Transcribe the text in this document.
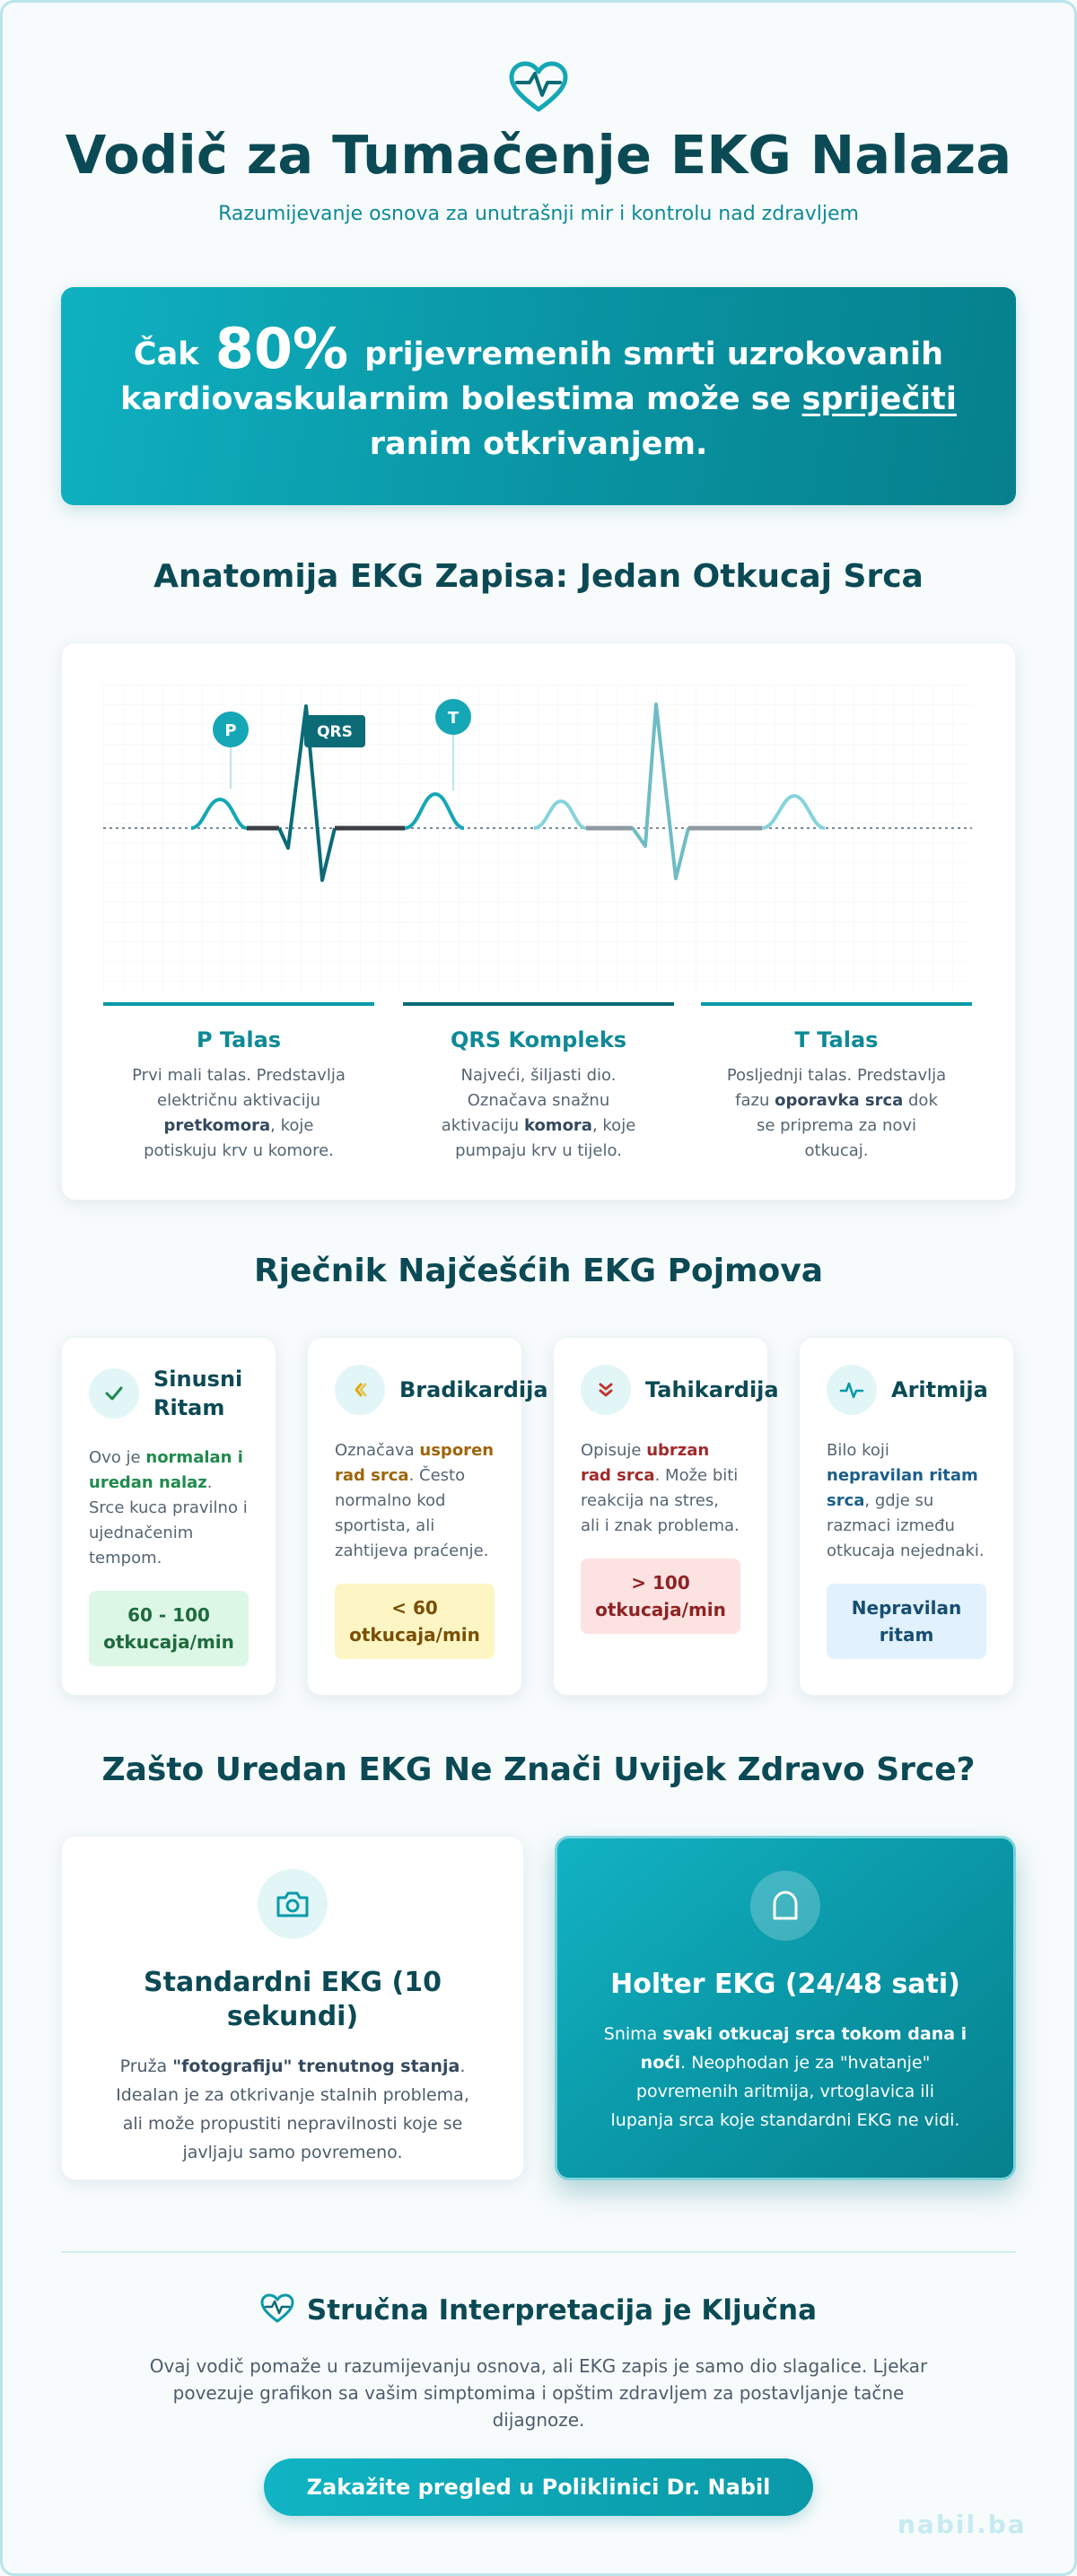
Vodič za Tumačenje EKG Nalaza
Razumijevanje osnova za unutrašnji mir i kontrolu nad zdravljem
Čak 80% prijevremenih smrti uzrokovanih kardiovaskularnim bolestima može se spriječiti ranim otkrivanjem.
Anatomija EKG Zapisa: Jedan Otkucaj Srca
P	QRS
T
P Talas

Prvi mali talas. Predstavlja električnu aktivaciju pretkomora, koje potiskuju krv u komore.

QRS Kompleks

Najveći, šiljasti dio. Označava snažnu aktivaciju komora, koje pumpaju krv u tijelo.

T Talas

Posljednji talas. Predstavlja fazu oporavka srca dok se priprema za novi otkucaj.

Rječnik Najčešćih EKG Pojmova
Sinusni Ritam
Ovo je normalan i uredan nalaz. Srce kuca pravilno i ujednačenim tempom.
60 - 100 otkucaja/min
Bradikardija
Označava usporen rad srca. Često normalno kod sportista, ali zahtijeva praćenje.
< 60 otkucaja/min
Tahikardija
Opisuje ubrzan rad srca. Može biti reakcija na stres, ali i znak problema.
> 100 otkucaja/min
Aritmija
Bilo koji nepravilan ritam srca, gdje su razmaci između otkucaja nejednaki.
Nepravilan ritam
Zašto Uredan EKG Ne Znači Uvijek Zdravo Srce?
Standardni EKG (10 sekundi)
Pruža "fotografiju" trenutnog stanja. Idealan je za otkrivanje stalnih problema, ali može propustiti nepravilnosti koje se javljaju samo povremeno.
Holter EKG (24/48 sati)
Snima svaki otkucaj srca tokom dana i noći. Neophodan je za "hvatanje" povremenih aritmija, vrtoglavica ili lupanja srca koje standardni EKG ne vidi.
Stručna Interpretacija je Ključna
Ovaj vodič pomaže u razumijevanju osnova, ali EKG zapis je samo dio slagalice. Ljekar povezuje grafikon sa vašim simptomima i opštim zdravljem za postavljanje tačne dijagnoze.
Zakažite pregled u Poliklinici Dr. Nabil
nabil.ba
